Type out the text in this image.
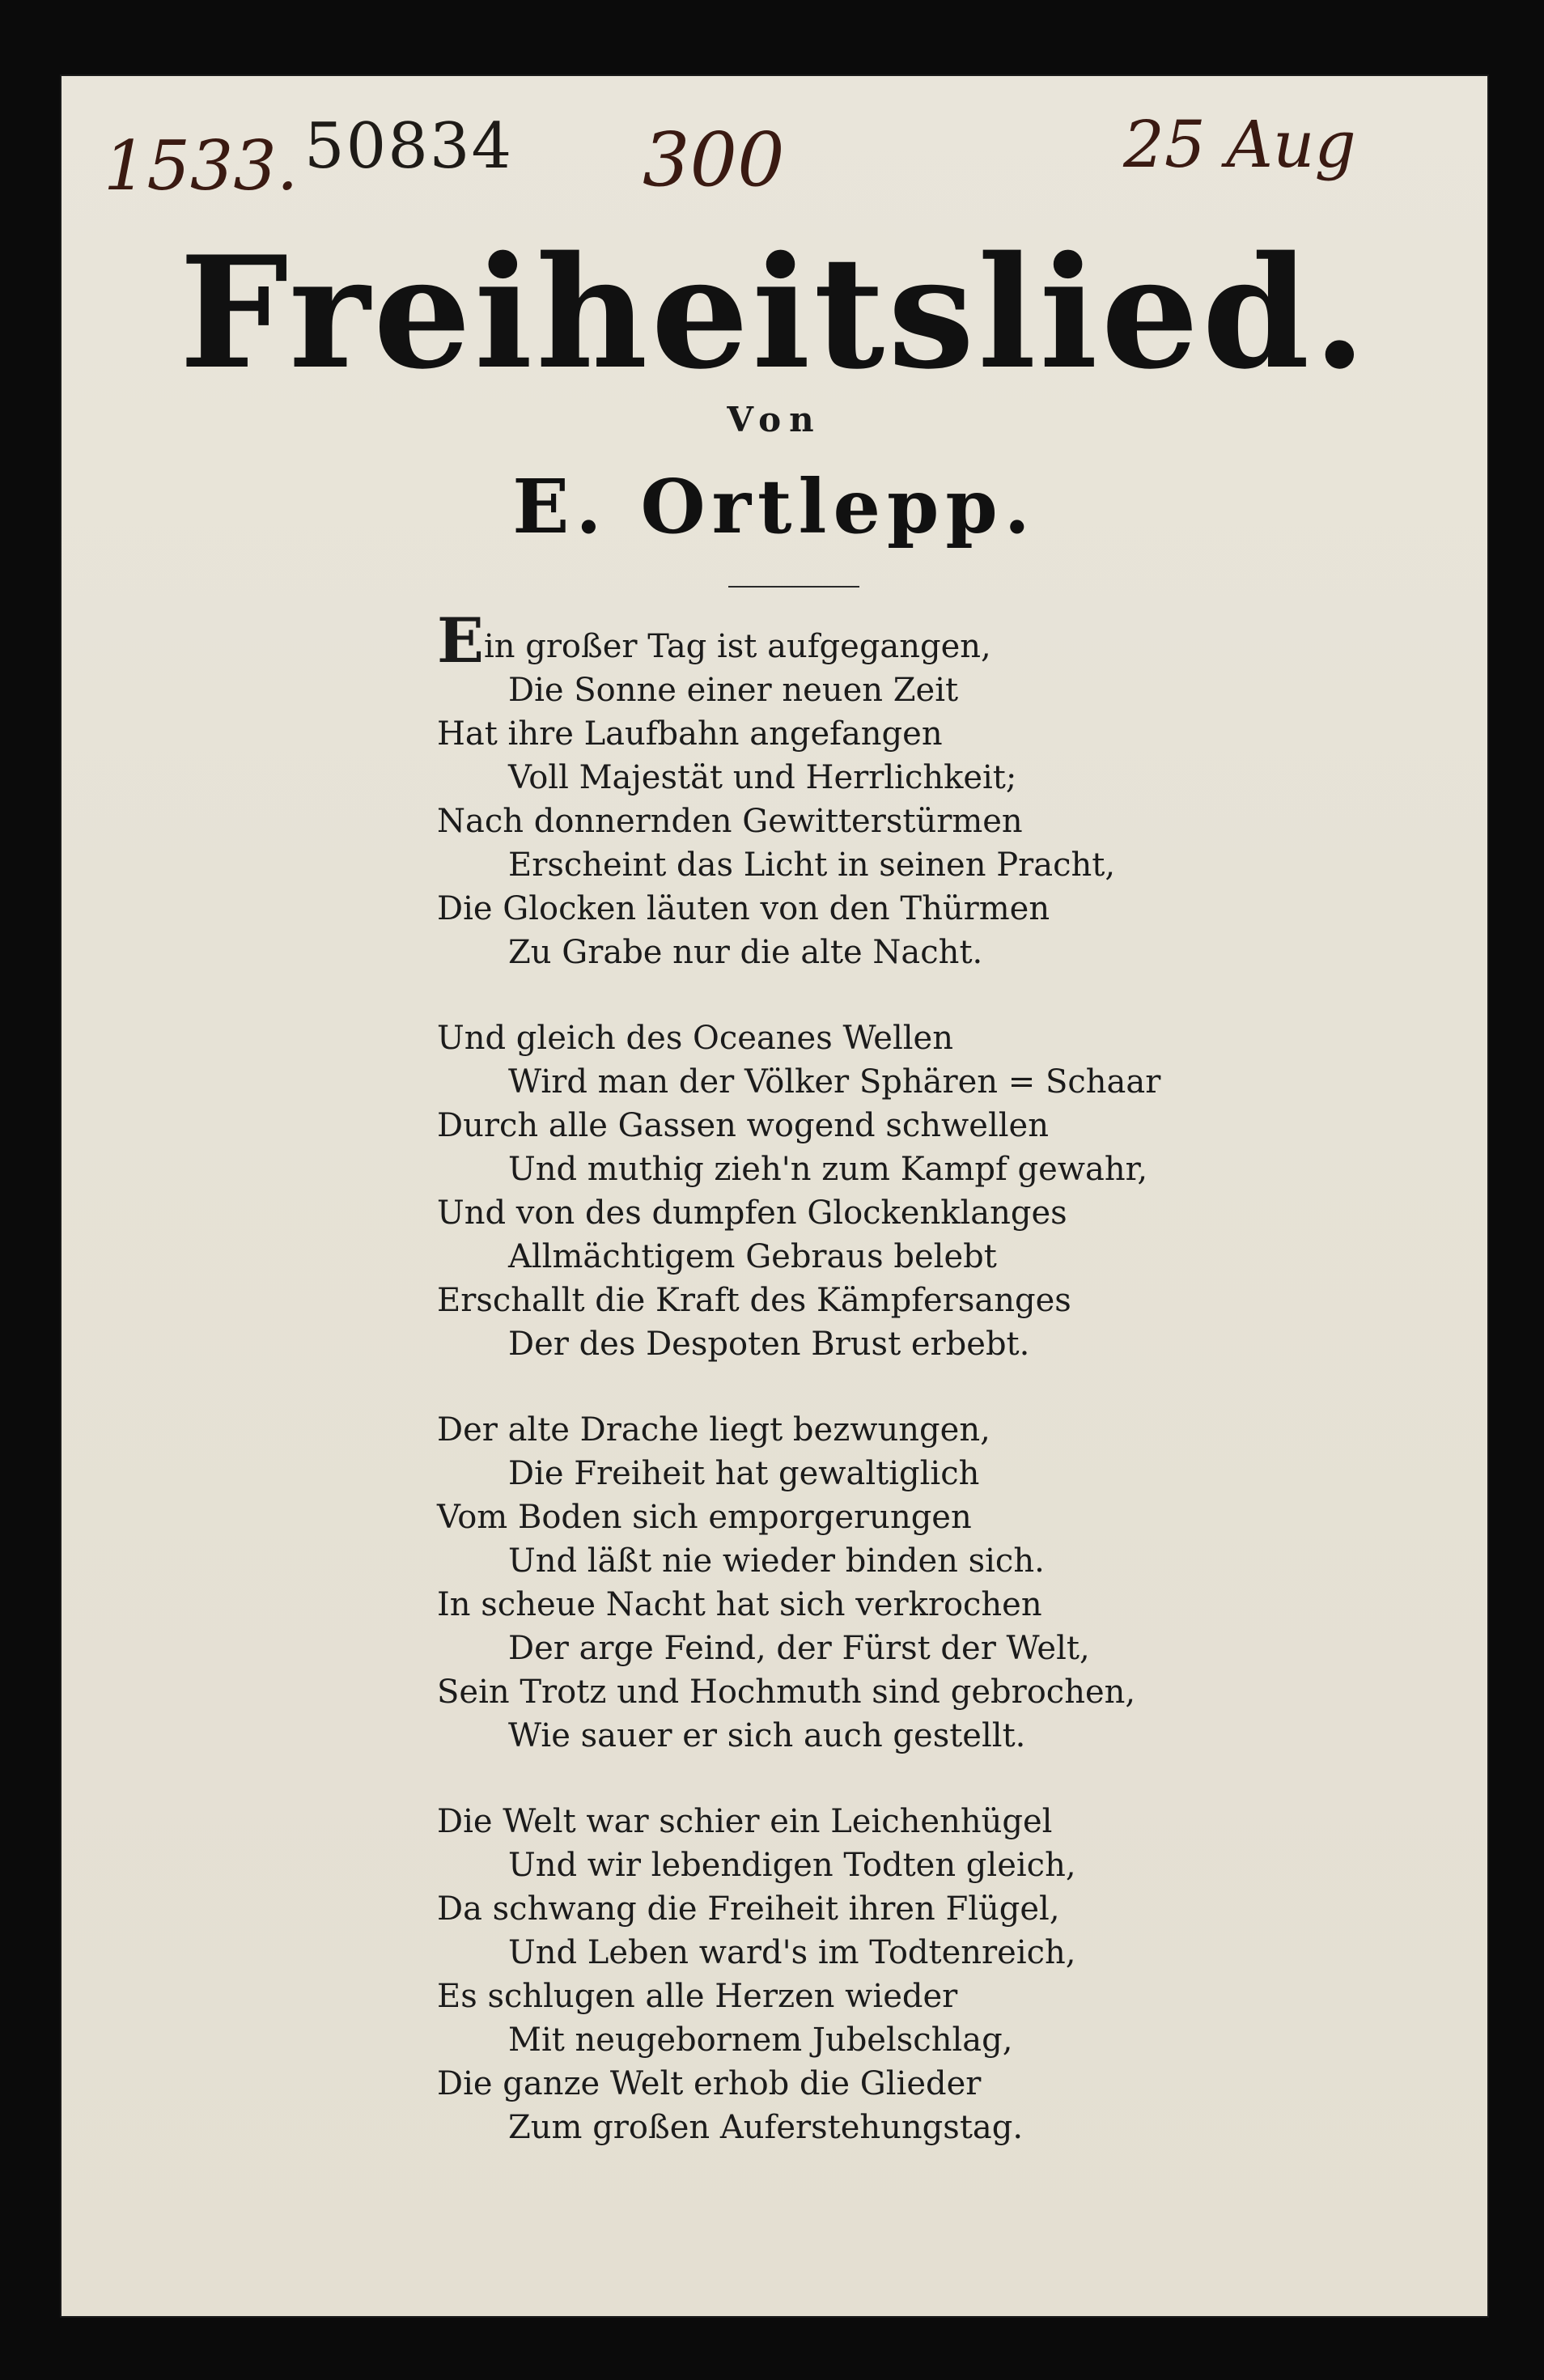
1533. 50834 300	25 Aug
Freiheitslied.
Von
E. Ortlepp.
Ein großer Tag ist aufgegangen,
Die Sonne einer neuen Zeit
Hat ihre Laufbahn angefangen
Voll Majestät und Herrlichkeit;
Nach donnernden Gewitterstürmen
Erscheint das Licht in seinen Pracht,
Die Glocken läuten von den Thürmen
Zu Grabe nur die alte Nacht.
Und gleich des Oceanes Wellen
Wird man der Völker Sphären = Schaar
Durch alle Gassen wogend schwellen
Und muthig zieh'n zum Kampf gewahr,
Und von des dumpfen Glockenklanges
Allmächtigem Gebraus belebt
Erschallt die Kraft des Kämpfersanges
Der des Despoten Brust erbebt.
Der alte Drache liegt bezwungen,
Die Freiheit hat gewaltiglich
Vom Boden sich emporgerungen
Und läßt nie wieder binden sich.
In scheue Nacht hat sich verkrochen
Der arge Feind, der Fürst der Welt,
Sein Trotz und Hochmuth sind gebrochen,
Wie sauer er sich auch gestellt.
Die Welt war schier ein Leichenhügel
Und wir lebendigen Todten gleich,
Da schwang die Freiheit ihren Flügel,
Und Leben ward's im Todtenreich,
Es schlugen alle Herzen wieder
Mit neugebornem Jubelschlag,
Die ganze Welt erhob die Glieder
Zum großen Auferstehungstag.
